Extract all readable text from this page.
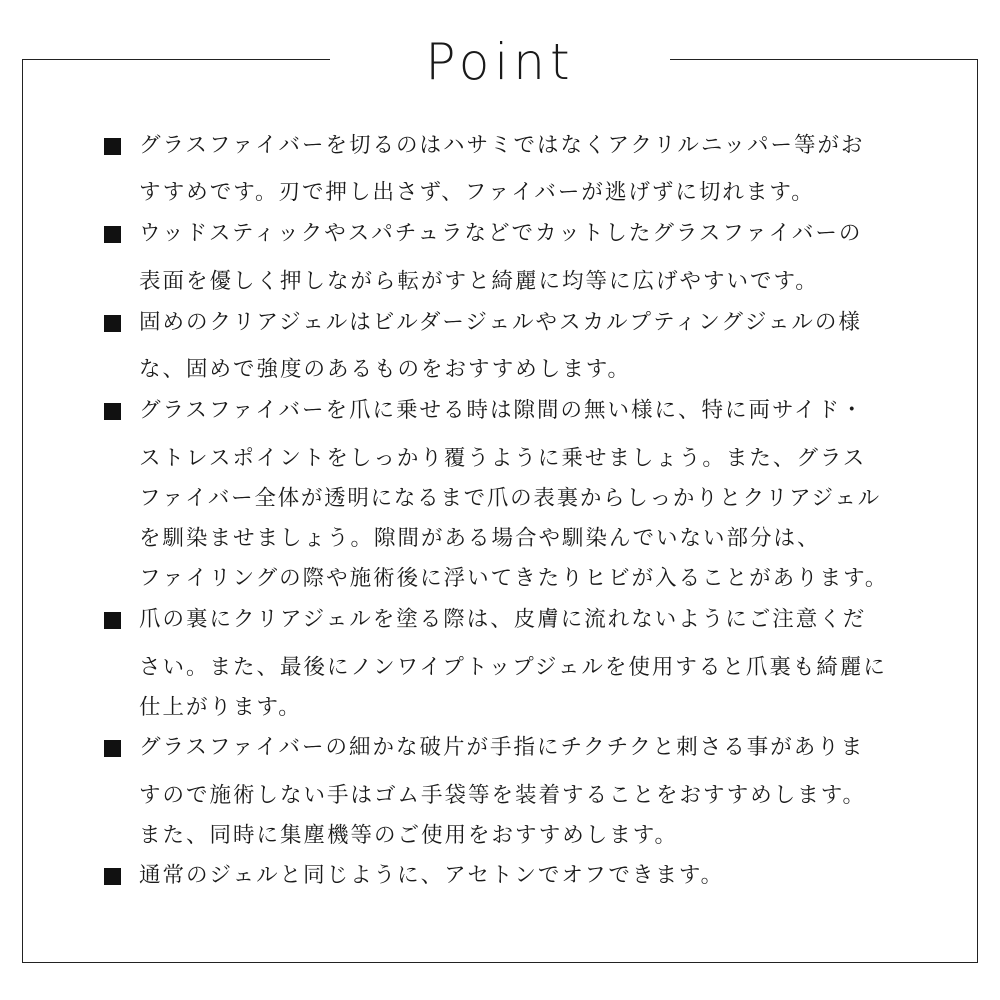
Point
グラスファイバーを切るのはハサミではなくアクリルニッパー等がお
すすめです。刃で押し出さず、ファイバーが逃げずに切れます。
ウッドスティックやスパチュラなどでカットしたグラスファイバーの
表面を優しく押しながら転がすと綺麗に均等に広げやすいです。
固めのクリアジェルはビルダージェルやスカルプティングジェルの様
な、固めで強度のあるものをおすすめします。
グラスファイバーを爪に乗せる時は隙間の無い様に、特に両サイド・
ストレスポイントをしっかり覆うように乗せましょう。また、グラス
ファイバー全体が透明になるまで爪の表裏からしっかりとクリアジェル
を馴染ませましょう。隙間がある場合や馴染んでいない部分は、
ファイリングの際や施術後に浮いてきたりヒビが入ることがあります。
爪の裏にクリアジェルを塗る際は、皮膚に流れないようにご注意くだ
さい。また、最後にノンワイプトップジェルを使用すると爪裏も綺麗に
仕上がります。
グラスファイバーの細かな破片が手指にチクチクと刺さる事がありま
すので施術しない手はゴム手袋等を装着することをおすすめします。
また、同時に集塵機等のご使用をおすすめします。
通常のジェルと同じように、アセトンでオフできます。
